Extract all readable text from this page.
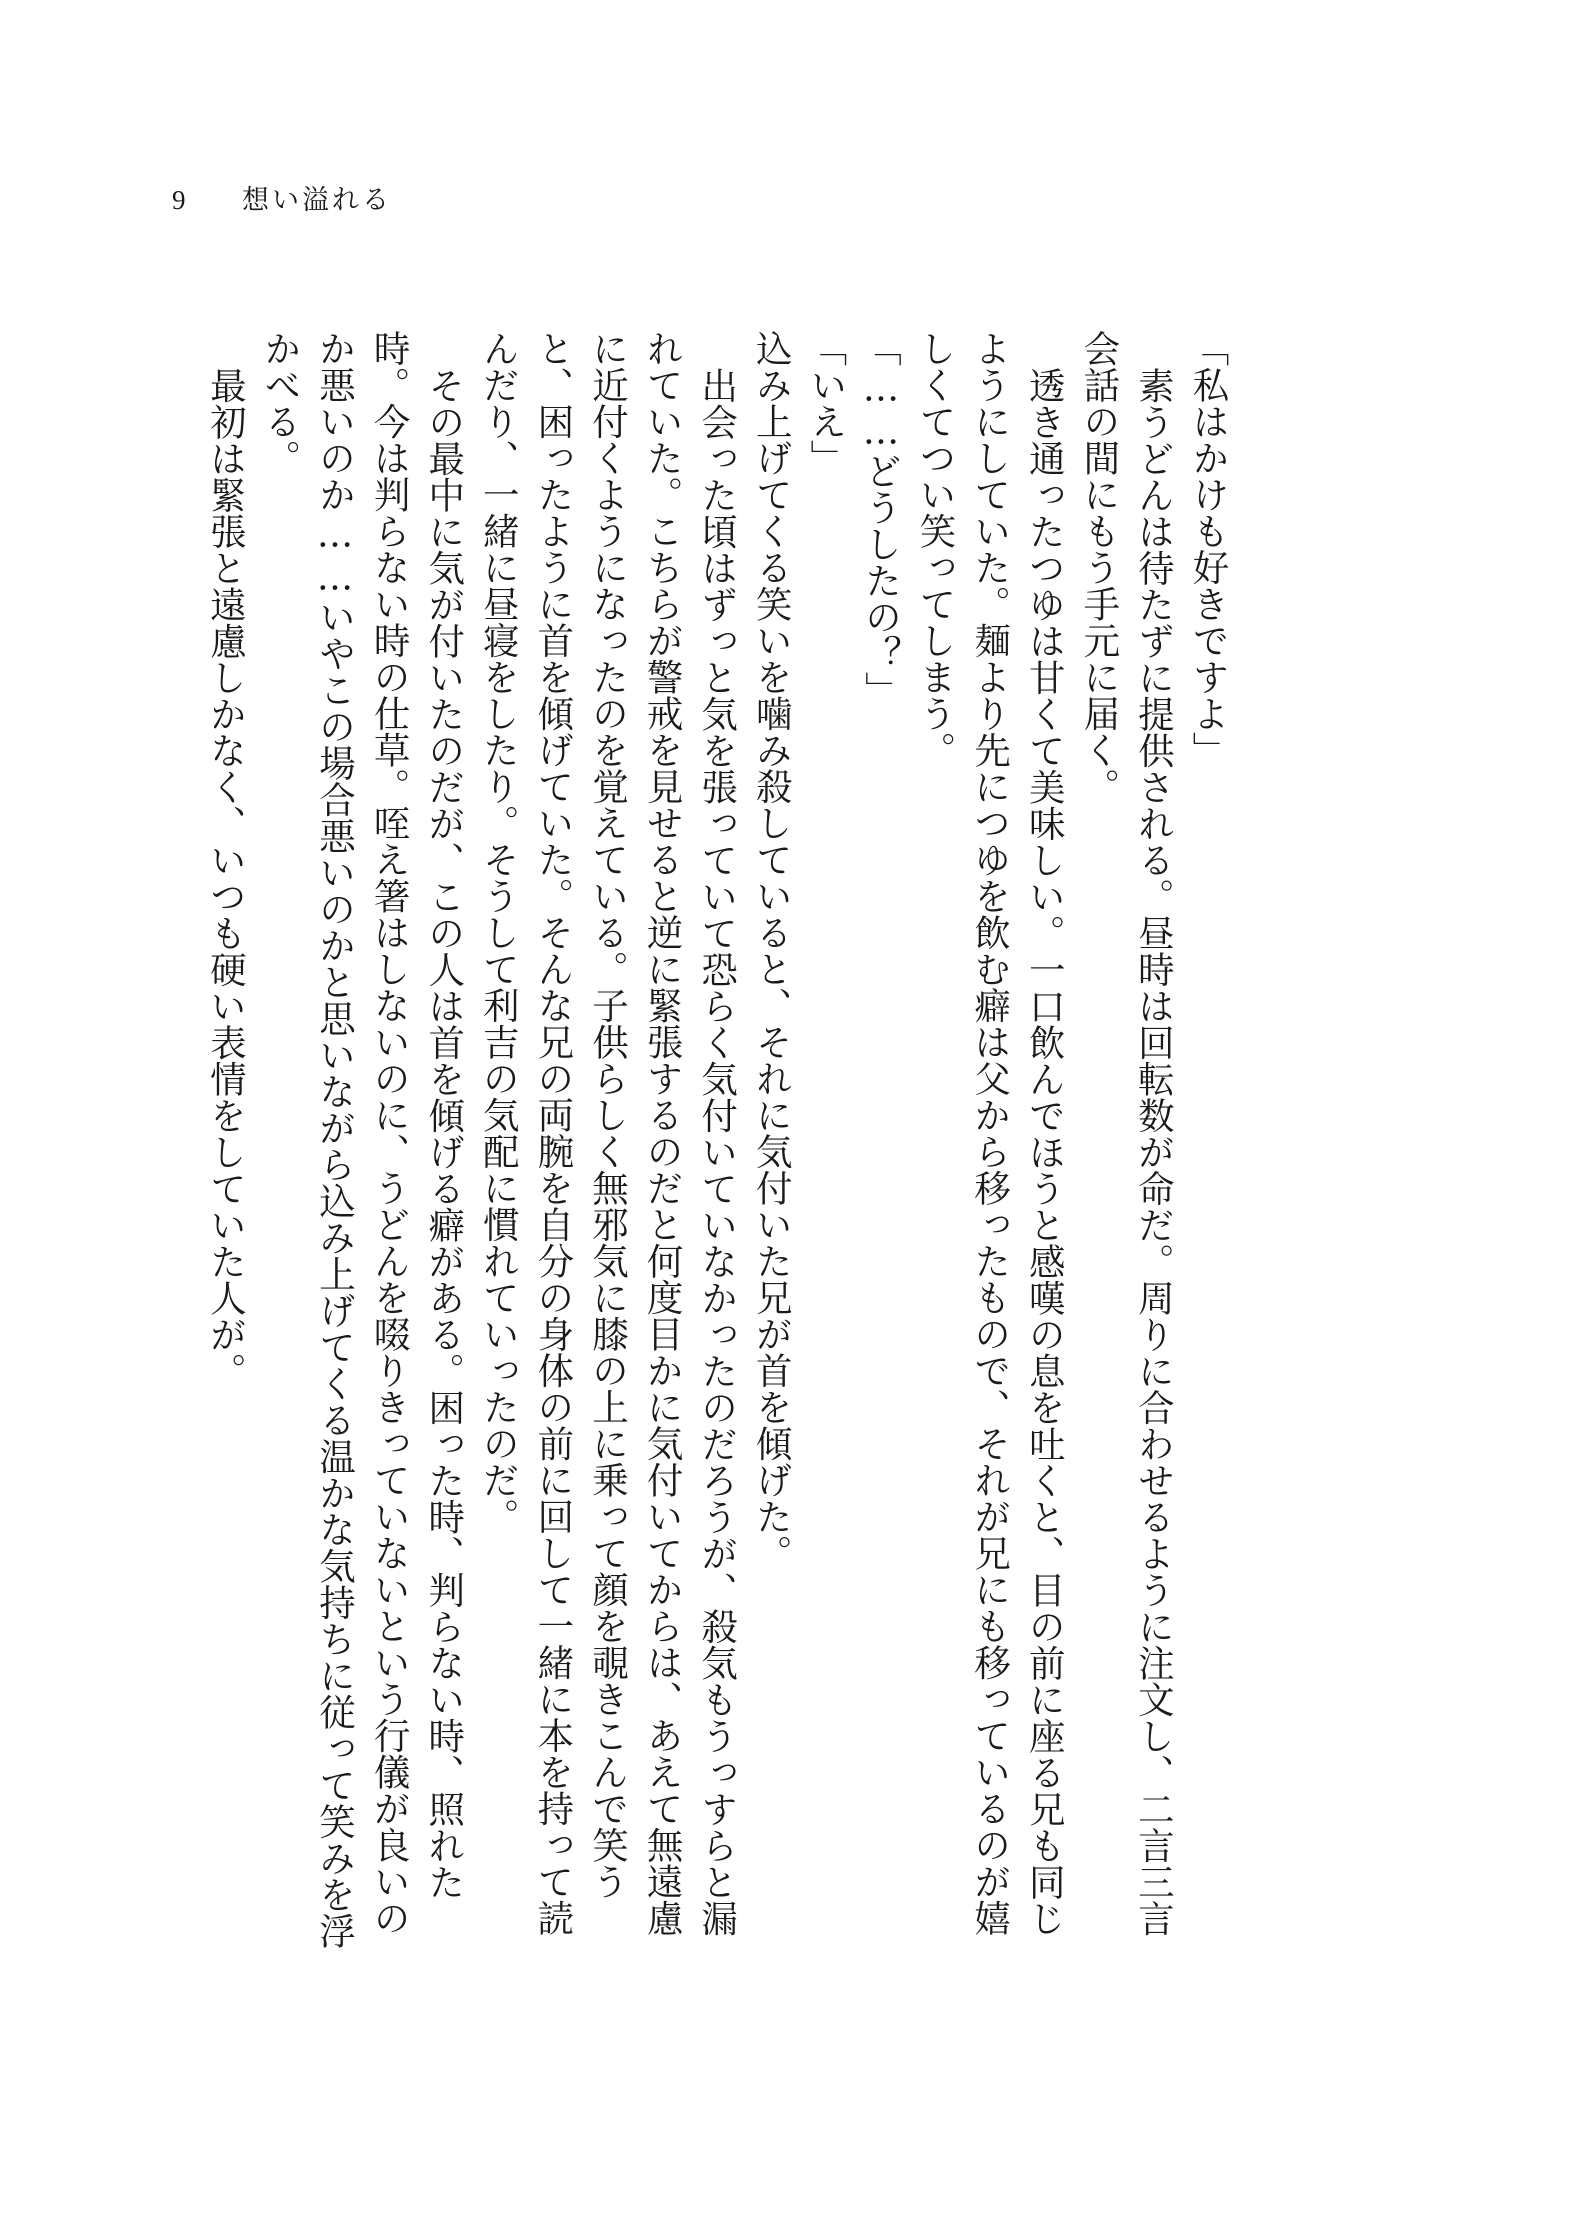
9	想い溢れる

「私はかけも好きですよ」

素うどんは待たずに提供される。昼時は回転数が命だ。周りに合わせるように注文し、二言三言会話の間にもう手元に届く。

透き通ったつゆは甘くて美味しい。一口飲んでほうと感嘆の息を吐くと、目の前に座る兄も同じようにしていた。麺より先につゆを飲む癖は父から移ったもので、それが兄にも移っているのが嬉しくてつい笑ってしまう。

「……どうしたの？」

「いえ」

込み上げてくる笑いを噛み殺していると、それに気付いた兄が首を傾げた。

出会った頃はずっと気を張っていて恐らく気付いていなかったのだろうが、殺気もうっすらと漏れていた。こちらが警戒を見せると逆に緊張するのだと何度目かに気付いてからは、あえて無遠慮に近付くようになったのを覚えている。子供らしく無邪気に膝の上に乗って顔を覗きこんで笑うと、困ったように首を傾げていた。そんな兄の両腕を自分の身体の前に回して一緒に本を持って読んだり、一緒に昼寝をしたり。そうして利吉の気配に慣れていったのだ。

その最中に気が付いたのだが、この人は首を傾げる癖がある。困った時、判らない時、照れた時。今は判らない時の仕草。咥え箸はしないのに、うどんを啜りきっていないという行儀が良いのか悪いのか……いやこの場合悪いのかと思いながら込み上げてくる温かな気持ちに従って笑みを浮かべる。

最初は緊張と遠慮しかなく、いつも硬い表情をしていた人が。
